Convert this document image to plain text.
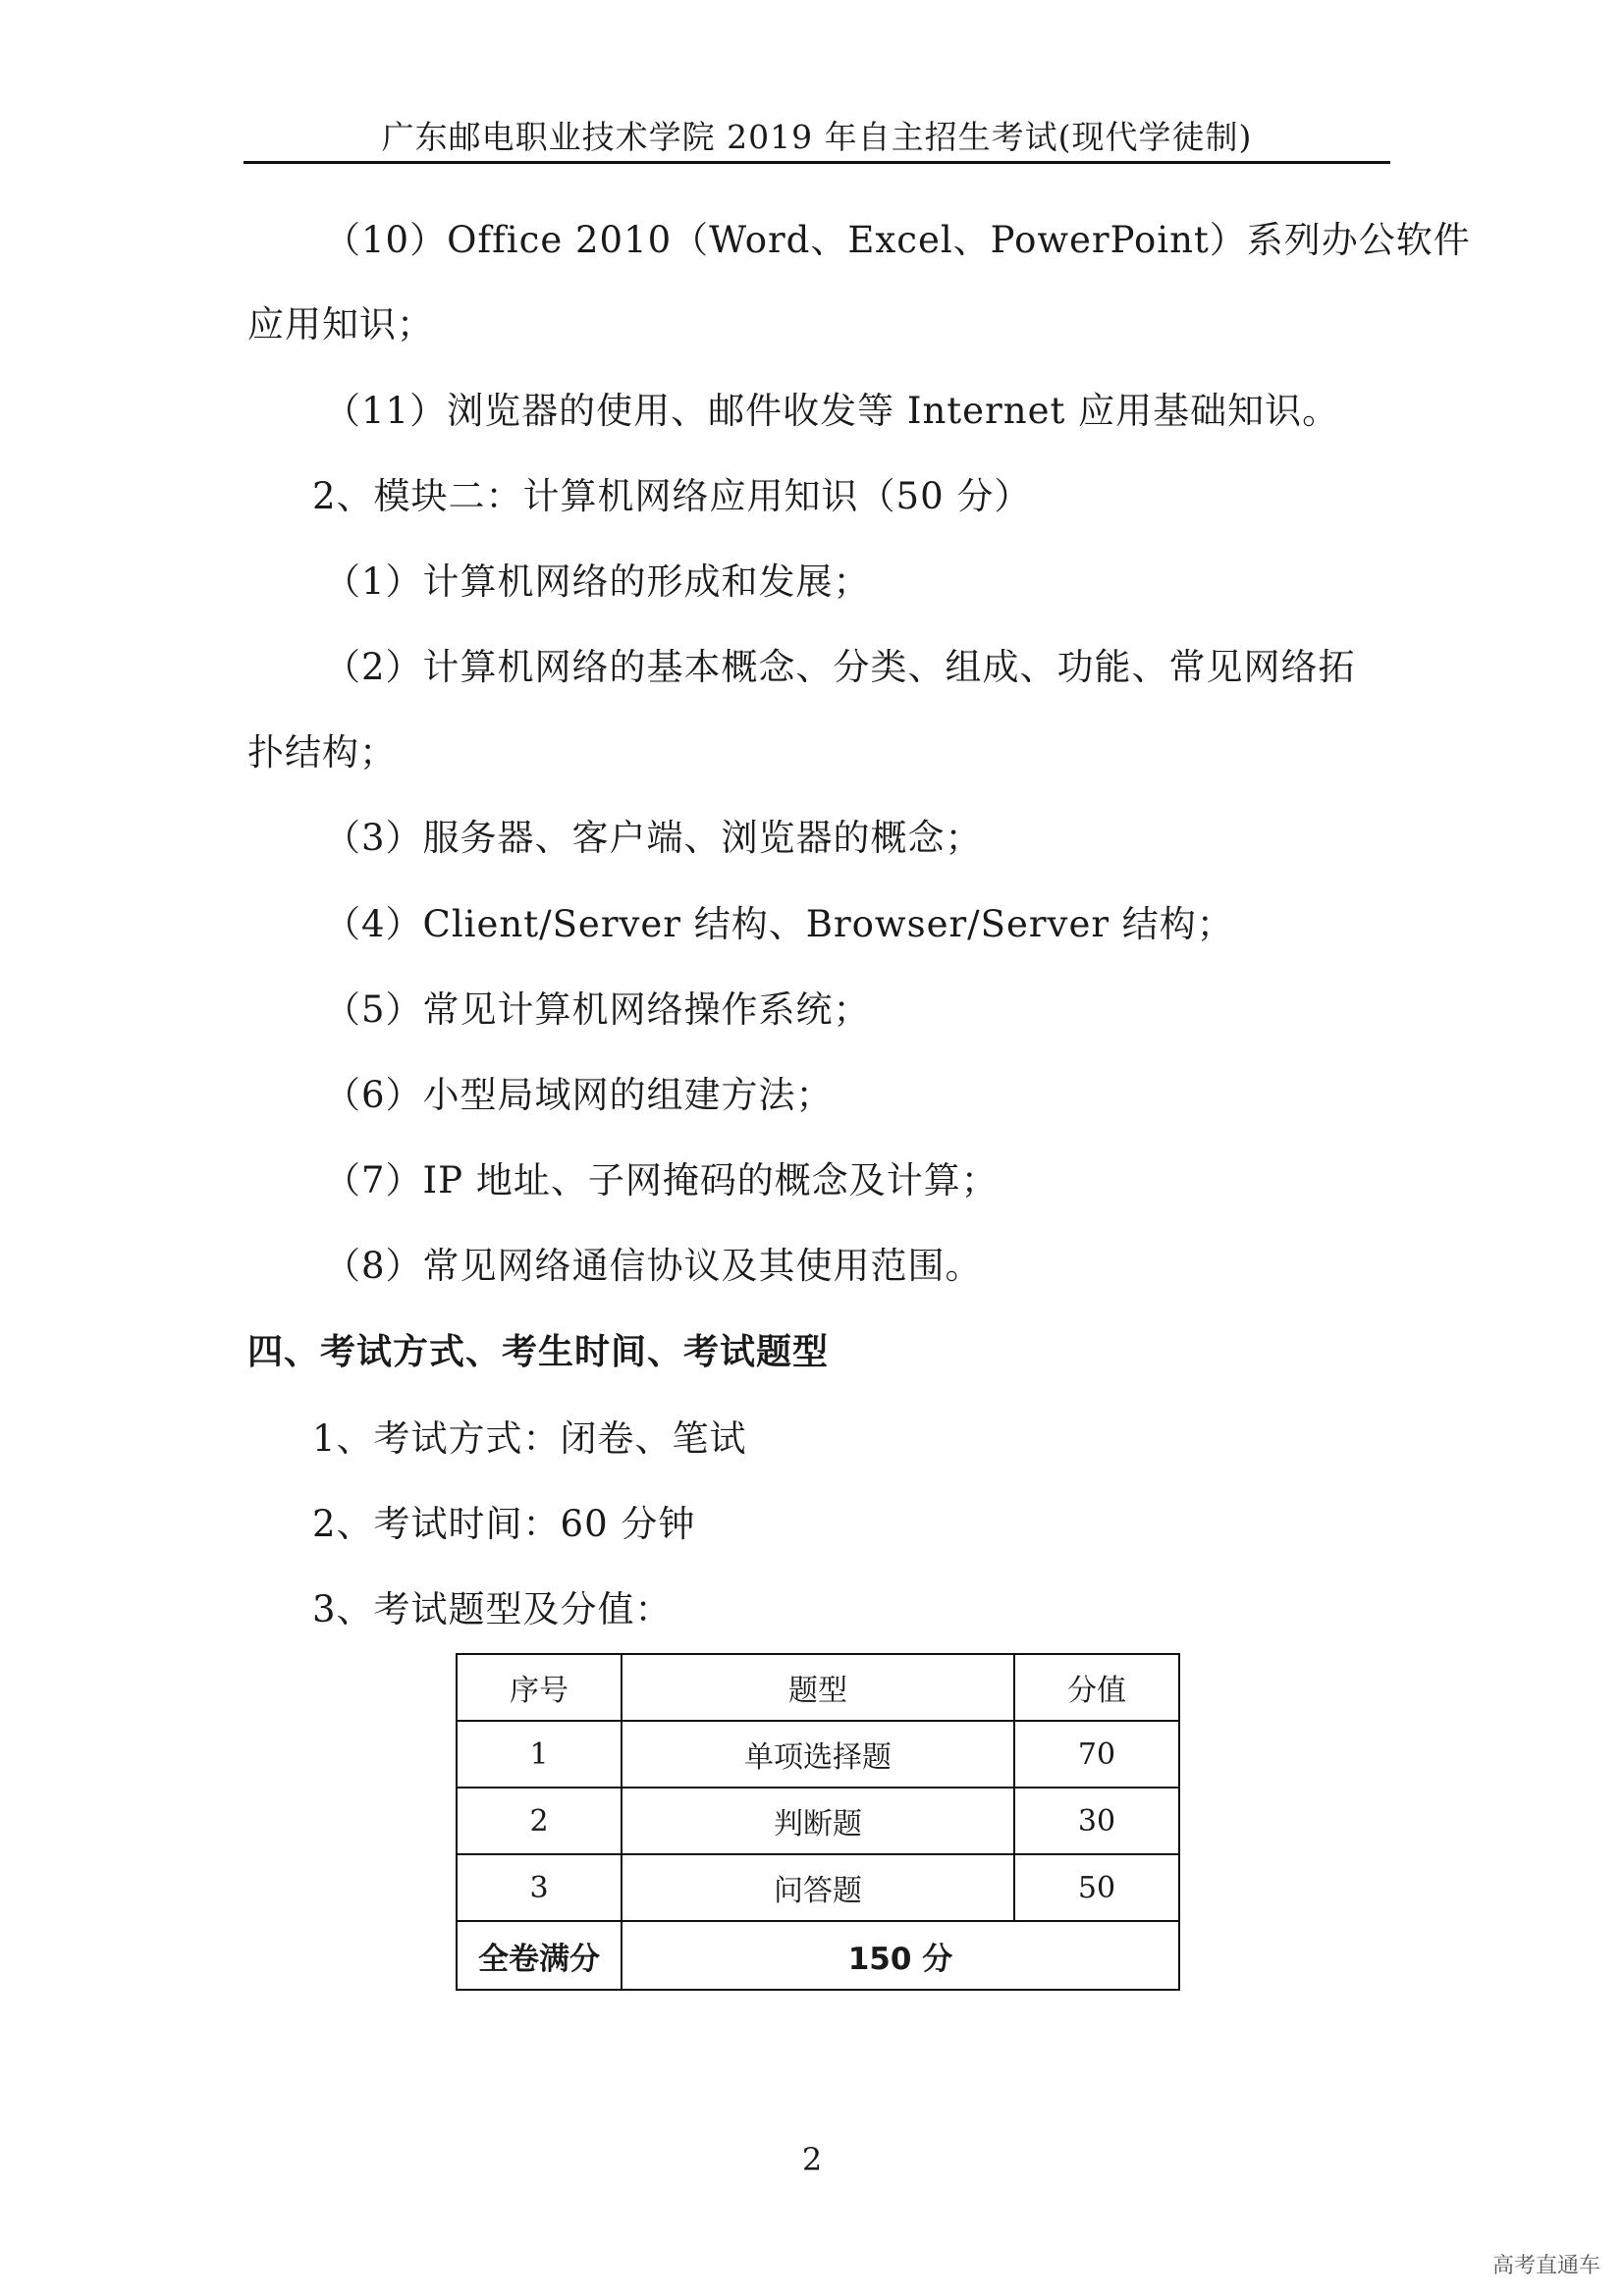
广东邮电职业技术学院 2019 年自主招生考试(现代学徒制)
（10）Office 2010（Word、Excel、PowerPoint）系列办公软件
应用知识；
（11）浏览器的使用、邮件收发等 Internet 应用基础知识。
2、模块二：计算机网络应用知识（50 分）
（1）计算机网络的形成和发展；
（2）计算机网络的基本概念、分类、组成、功能、常见网络拓
扑结构；
（3）服务器、客户端、浏览器的概念；
（4）Client/Server 结构、Browser/Server 结构；
（5）常见计算机网络操作系统；
（6）小型局域网的组建方法；
（7）IP 地址、子网掩码的概念及计算；
（8）常见网络通信协议及其使用范围。
四、考试方式、考生时间、考试题型
1、考试方式：闭卷、笔试
2、考试时间：60 分钟
3、考试题型及分值：
序号	题型	分值
1	单项选择题	70
2	判断题	30
3	问答题	50
全卷满分	150 分	
2
高考直通车
